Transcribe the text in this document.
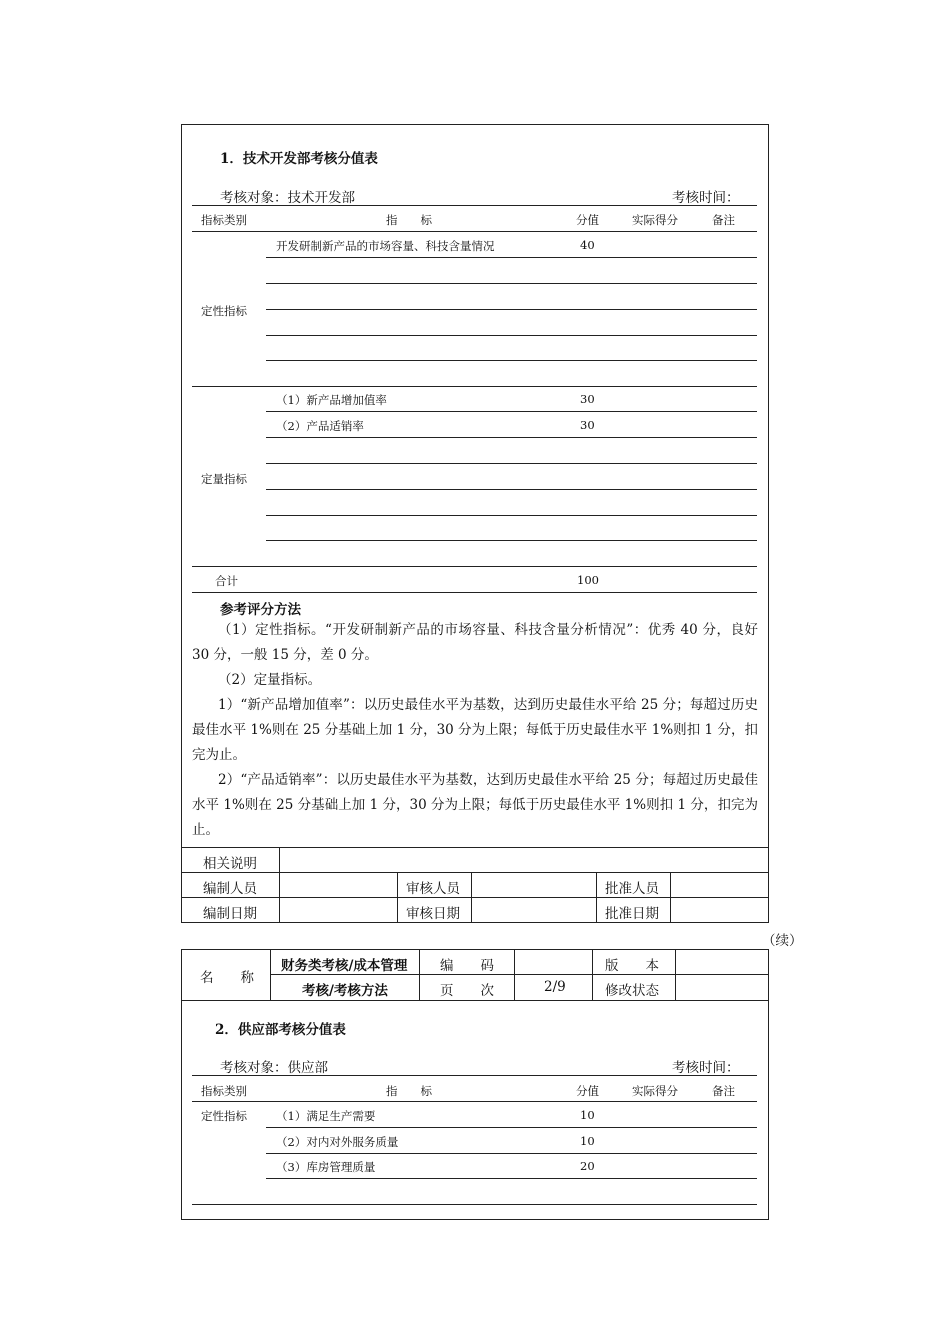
1．技术开发部考核分值表
考核对象：技术开发部	考核时间：
指标类别	指　　标	分值	实际得分	备注
定性指标
开发研制新产品的市场容量、科技含量情况	40
定量指标
（1）新产品增加值率	30
（2）产品适销率	30
合计	100
参考评分方法

（1）定性指标。“开发研制新产品的市场容量、科技含量分析情况”：优秀 40 分，良好 30 分，一般 15 分，差 0 分。

（2）定量指标。

1）“新产品增加值率”：以历史最佳水平为基数，达到历史最佳水平给 25 分；每超过历史最佳水平 1%则在 25 分基础上加 1 分，30 分为上限；每低于历史最佳水平 1%则扣 1 分，扣完为止。

2）“产品适销率”：以历史最佳水平为基数，达到历史最佳水平给 25 分；每超过历史最佳水平 1%则在 25 分基础上加 1 分，30 分为上限；每低于历史最佳水平 1%则扣 1 分，扣完为止。

相关说明
编制人员	审核人员	批准人员
编制日期	审核日期	批准日期
（续）
名　　称
财务类考核/成本管理
考核/考核方法
编　　码	版　　本
页　　次	2/9	修改状态
2．供应部考核分值表
考核对象：供应部	考核时间：
指标类别	指　　标	分值	实际得分	备注
定性指标	（1）满足生产需要	10
（2）对内对外服务质量	10
（3）库房管理质量	20
